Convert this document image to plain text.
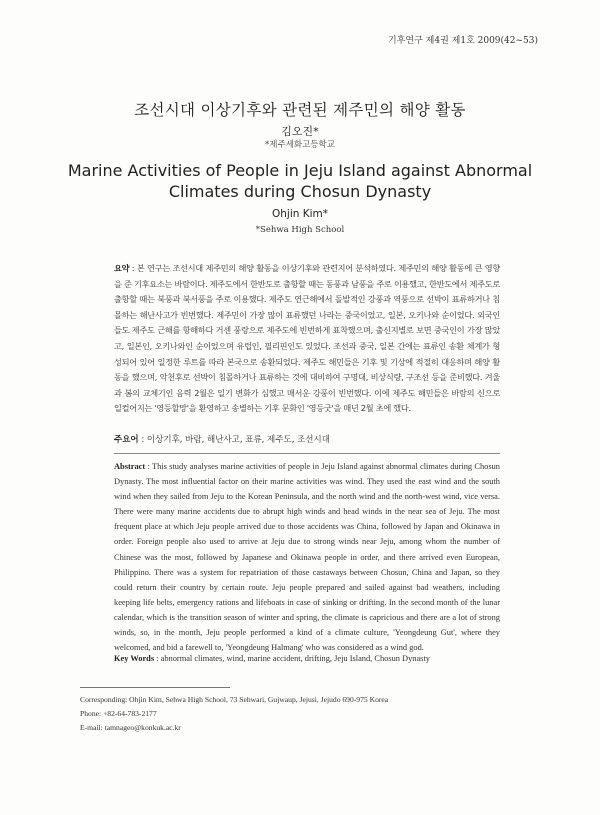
기후연구 제4권 제1호 2009(42~53)
조선시대 이상기후와 관련된 제주민의 해양 활동
김오진*
*제주세화고등학교
Marine Activities of People in Jeju Island against Abnormal Climates during Chosun Dynasty
Ohjin Kim*
*Sehwa High School
요약 : 본 연구는 조선시대 제주민의 해양 활동을 이상기후와 관련지어 분석하였다. 제주민의 해양 활동에 큰 영향을 준 기후요소는 바람이다. 제주도에서 한반도로 출항할 때는 동풍과 남풍을 주로 이용했고, 한반도에서 제주도로 출항할 때는 북풍과 북서풍을 주로 이용했다. 제주도 연근해에서 돌발적인 강풍과 역풍으로 선박이 표류하거나 침몰하는 해난사고가 빈번했다. 제주민이 가장 많이 표류했던 나라는 중국이었고, 일본, 오키나와 순이었다. 외국인들도 제주도 근해를 항해하다 거센 풍랑으로 제주도에 빈번하게 표착했으며, 출신지별로 보면 중국인이 가장 많았고, 일본인, 오키나와인 순이었으며 유럽인, 필리핀인도 있었다. 조선과 중국, 일본 간에는 표류인 송환 체계가 형성되어 있어 일정한 루트를 따라 본국으로 송환되었다. 제주도 해민들은 기후 및 기상에 적절히 대응하며 해양 활동을 했으며, 악천후로 선박이 침몰하거나 표류하는 것에 대비하여 구명대, 비상식량, 구조선 등을 준비했다. 겨울과 봄의 교체기인 음력 2월은 일기 변화가 심했고 매서운 강풍이 빈번했다. 이에 제주도 해민들은 바람의 신으로 일컬어지는 '영등할망'을 환영하고 송별하는 기후 문화인 '영등굿'을 매년 2월 초에 했다.
주요어 : 이상기후, 바람, 해난사고, 표류, 제주도, 조선시대
Abstract : This study analyses marine activities of people in Jeju Island against abnormal climates during Chosun Dynasty. The most influential factor on their marine activities was wind. They used the east wind and the south wind when they sailed from Jeju to the Korean Peninsula, and the north wind and the north-west wind, vice versa. There were many marine accidents due to abrupt high winds and head winds in the near sea of Jeju. The most frequent place at which Jeju people arrived due to those accidents was China, followed by Japan and Okinawa in order. Foreign people also used to arrive at Jeju due to strong winds near Jeju, among whom the number of Chinese was the most, followed by Japanese and Okinawa people in order, and there arrived even European, Philippino. There was a system for repatriation of those castaways between Chosun, China and Japan, so they could return their country by certain route. Jeju people prepared and sailed against bad weathers, including keeping life belts, emergency rations and lifeboats in case of sinking or drifting. In the second month of the lunar calendar, which is the transition season of winter and spring, the climate is capricious and there are a lot of strong winds, so, in the month, Jeju people performed a kind of a climate culture, 'Yeongdeung Gut', where they welcomed, and bid a farewell to, 'Yeongdeung Halmang' who was considered as a wind god.
Key Words : abnormal climates, wind, marine accident, drifting, Jeju Island, Chosun Dynasty
Corresponding: Ohjin Kim, Sehwa High School, 73 Sehwari, Gujwaup, Jejusi, Jejudo 690-975 Korea
Phone: +82-64-783-2177
E-mail: tamnageo@konkuk.ac.kr
